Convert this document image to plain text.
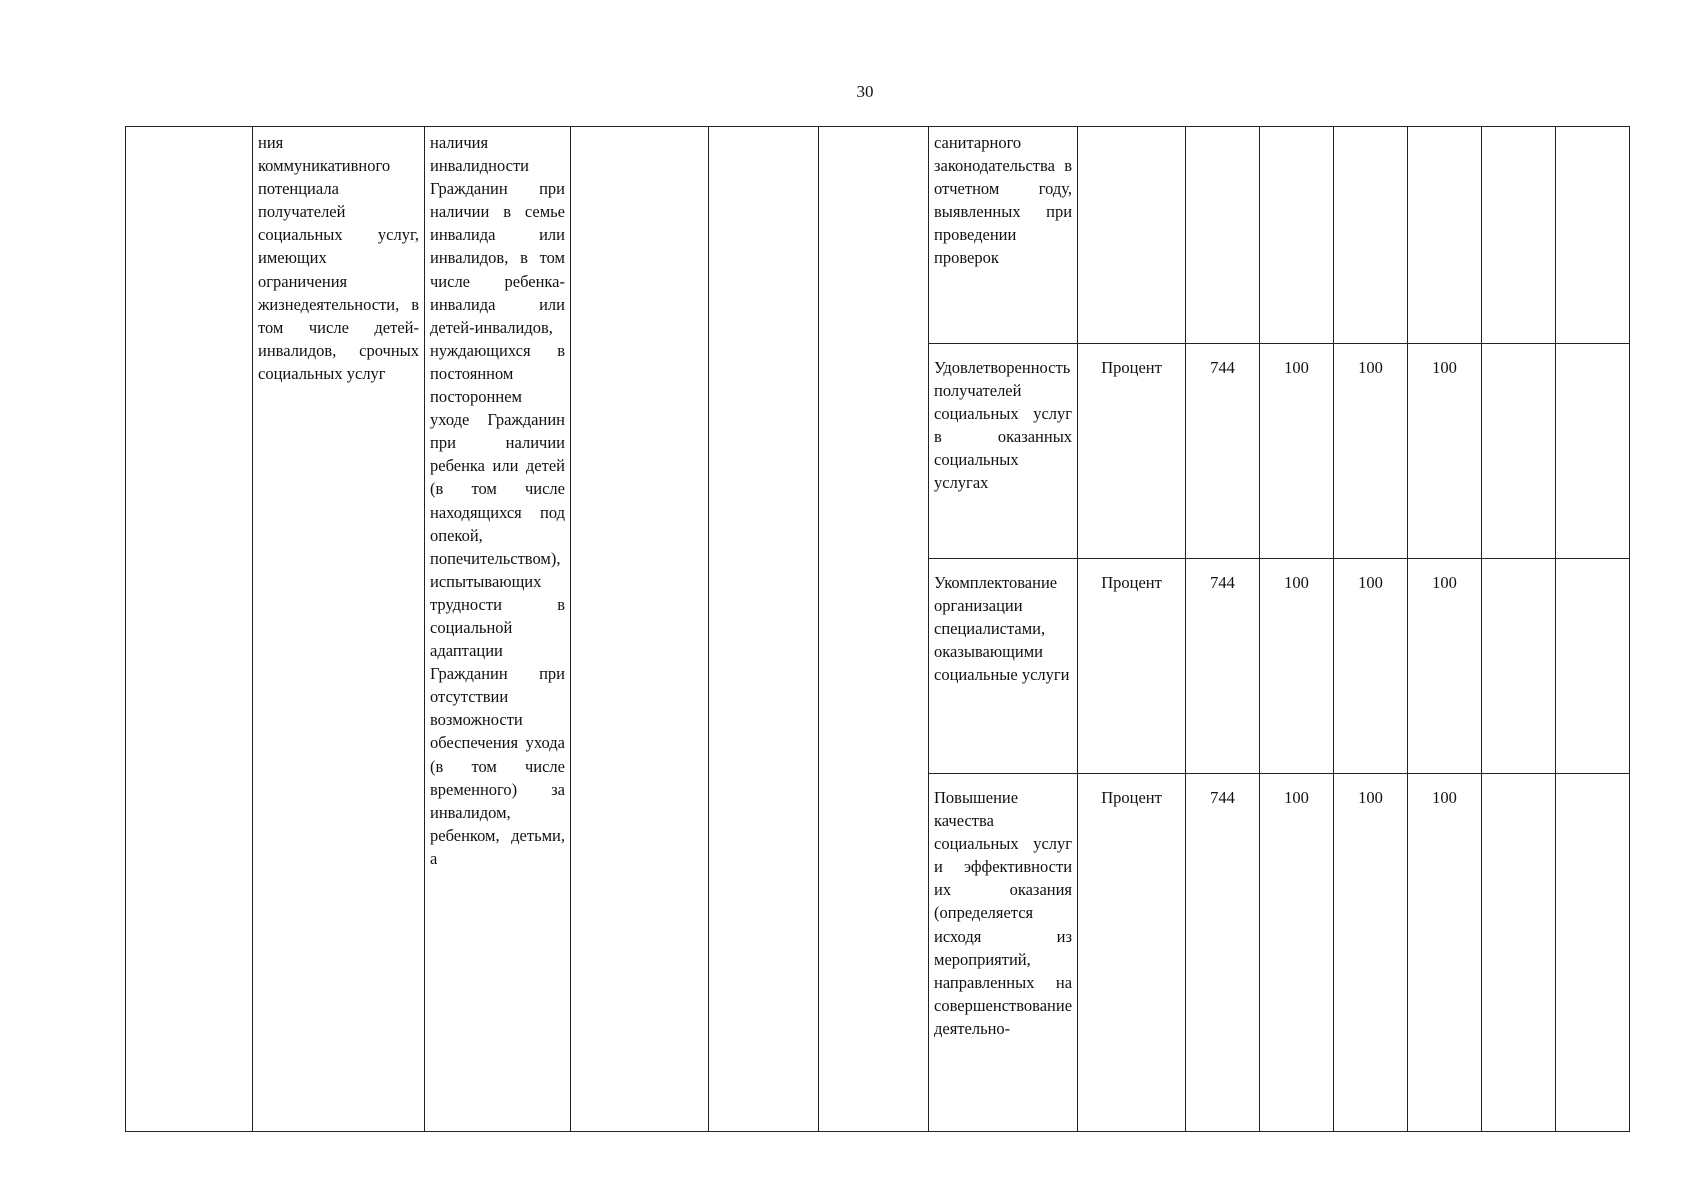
30
	ния коммуникативного потенциала получателей социальных услуг, имеющих ограничения жизнедеятельности, в том числе детей-инвалидов, срочных социальных услуг	наличия инвалидности Гражданин при наличии в семье инвалида или инвалидов, в том числе ребенка-инвалида или детей-инвалидов, нуждающихся в постоянном постороннем уходе Гражданин при наличии ребенка или детей (в том числе находящихся под опекой, попечительством), испытывающих трудности в социальной адаптации Гражданин при отсутствии возможности обеспечения ухода (в том числе временного) за инвалидом, ребенком, детьми, а				санитарного законодательства в отчетном году, выявленных при проведении проверок							
						Удовлетворенность получателей социальных услуг в оказанных социальных услугах	Процент	744	100	100	100		
						Укомплектование организации специалистами, оказывающими социальные услуги	Процент	744	100	100	100		
						Повышение качества социальных услуг и эффективности их оказания (определяется исходя из мероприятий, направленных на совершенствование деятельно-	Процент	744	100	100	100		
